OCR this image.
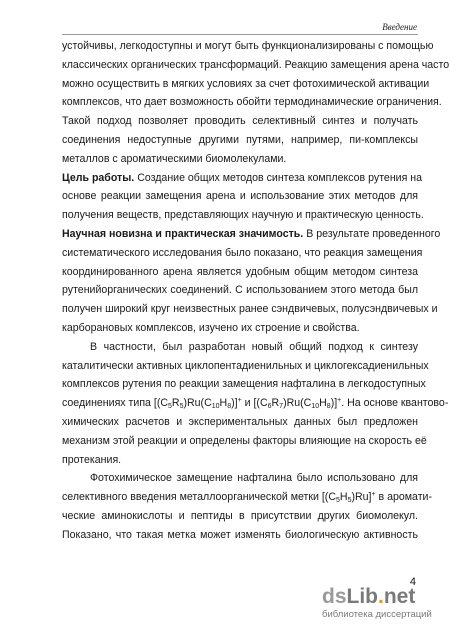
Введение
устойчивы, легкодоступны и могут быть функционализированы с помощью
классических органических трансформаций. Реакцию замещения арена часто
можно осуществить в мягких условиях за счет фотохимической активации
комплексов, что дает возможность обойти термодинамические ограничения.
Такой подход позволяет проводить селективный синтез и получать
соединения недоступные другими путями, например, пи-комплексы
металлов с ароматическими биомолекулами.
Цель работы. Создание общих методов синтеза комплексов рутения на
основе реакции замещения арена и использование этих методов для
получения веществ, представляющих научную и практическую ценность.
Научная новизна и практическая значимость. В результате проведенного
систематического исследования было показано, что реакция замещения
координированного арена является удобным общим методом синтеза
рутенийорганических соединений. С использованием этого метода был
получен широкий круг неизвестных ранее сэндвичевых, полусэндвичевых и
карборановых комплексов, изучено их строение и свойства.
В частности, был разработан новый общий подход к синтезу
каталитически активных циклопентадиенильных и циклогексадиенильных
комплексов рутения по реакции замещения нафталина в легкодоступных
соединениях типа $[(C_5R_5)Ru(C_{10}H_8)]^+$ и $[(C_6R_7)Ru(C_{10}H_8)]^+$. На основе квантово-
химических расчетов и экспериментальных данных был предложен
механизм этой реакции и определены факторы влияющие на скорость её
протекания.
Фотохимическое замещение нафталина было использовано для
селективного введения металлоорганической метки $[(C_5H_5)Ru]^+$ в аромати-
ческие аминокислоты и пептиды в присутствии других биомолекул.
Показано, что такая метка может изменять биологическую активность
4
dsLib.net
библиотека диссертаций
